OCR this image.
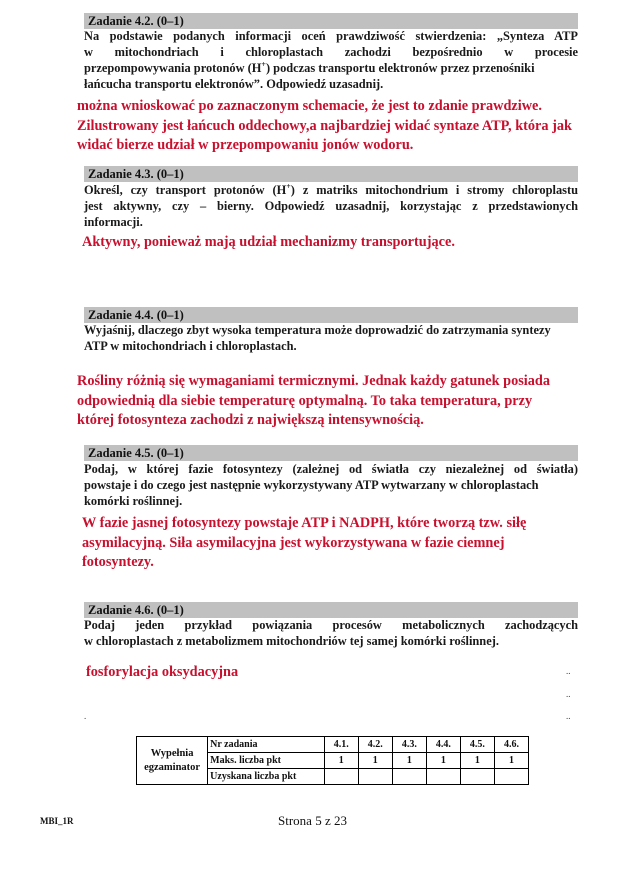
Zadanie 4.2. (0–1)
Na podstawie podanych informacji oceń prawdziwość stwierdzenia: „Synteza ATP
w mitochondriach i chloroplastach zachodzi bezpośrednio w procesie
przepompowywania protonów (H+) podczas transportu elektronów przez przenośniki
łańcucha transportu elektronów”. Odpowiedź uzasadnij.
można wnioskować po zaznaczonym schemacie, że jest to zdanie prawdziwe.
Zilustrowany jest łańcuch oddechowy,a najbardziej widać syntaze ATP, która jak
widać bierze udział w przepompowaniu jonów wodoru.
Zadanie 4.3. (0–1)
Określ, czy transport protonów (H+) z matriks mitochondrium i stromy chloroplastu
jest aktywny, czy – bierny. Odpowiedź uzasadnij, korzystając z przedstawionych
informacji.
Aktywny, ponieważ mają udział mechanizmy transportujące.
Zadanie 4.4. (0–1)
Wyjaśnij, dlaczego zbyt wysoka temperatura może doprowadzić do zatrzymania syntezy
ATP w mitochondriach i chloroplastach.
Rośliny różnią się wymaganiami termicznymi. Jednak każdy gatunek posiada
odpowiednią dla siebie temperaturę optymalną. To taka temperatura, przy
której fotosynteza zachodzi z największą intensywnością.
Zadanie 4.5. (0–1)
Podaj, w której fazie fotosyntezy (zależnej od światła czy niezależnej od światła)
powstaje i do czego jest następnie wykorzystywany ATP wytwarzany w chloroplastach
komórki roślinnej.
W fazie jasnej fotosyntezy powstaje ATP i NADPH, które tworzą tzw. siłę
asymilacyjną. Siła asymilacyjna jest wykorzystywana w fazie ciemnej
fotosyntezy.
Zadanie 4.6. (0–1)
Podaj jeden przykład powiązania procesów metabolicznych zachodzących
w chloroplastach z metabolizmem mitochondriów tej samej komórki roślinnej.
fosforylacja oksydacyjna	..
..
..
.
Wypełnia
egzaminator	Nr zadania	4.1.	4.2.	4.3.	4.4.	4.5.	4.6.
	Maks. liczba pkt	1	1	1	1	1	1
	Uzyskana liczba pkt						
MBI_1R	Strona 5 z 23
